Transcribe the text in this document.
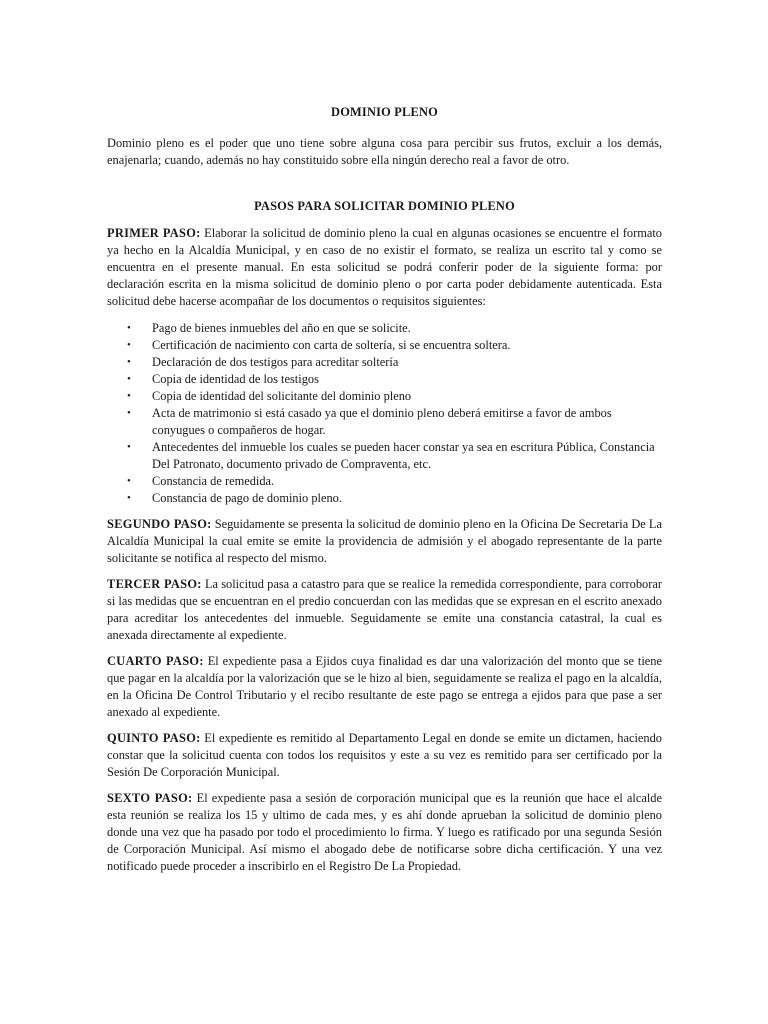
DOMINIO PLENO

Dominio pleno es el poder que uno tiene sobre alguna cosa para percibir sus frutos, excluir a los demás, enajenarla; cuando, además no hay constituido sobre ella ningún derecho real a favor de otro.

PASOS PARA SOLICITAR DOMINIO PLENO

PRIMER PASO: Elaborar la solicitud de dominio pleno la cual en algunas ocasiones se encuentre el formato ya hecho en la Alcaldía Municipal, y en caso de no existir el formato, se realiza un escrito tal y como se encuentra en el presente manual. En esta solicitud se podrá conferir poder de la siguiente forma: por declaración escrita en la misma solicitud de dominio pleno o por carta poder debidamente autenticada. Esta solicitud debe hacerse acompañar de los documentos o requisitos siguientes:

• Pago de bienes inmuebles del año en que se solicite.
• Certificación de nacimiento con carta de soltería, si se encuentra soltera.
• Declaración de dos testigos para acreditar soltería
• Copia de identidad de los testigos
• Copia de identidad del solicitante del dominio pleno
• Acta de matrimonio si está casado ya que el dominio pleno deberá emitirse a favor de ambos conyugues o compañeros de hogar.
• Antecedentes del inmueble los cuales se pueden hacer constar ya sea en escritura Pública, Constancia Del Patronato, documento privado de Compraventa, etc.
• Constancia de remedida.
• Constancia de pago de dominio pleno.

SEGUNDO PASO: Seguidamente se presenta la solicitud de dominio pleno en la Oficina De Secretaria De La Alcaldía Municipal la cual emite se emite la providencia de admisión y el abogado representante de la parte solicitante se notifica al respecto del mismo.

TERCER PASO: La solicitud pasa a catastro para que se realice la remedida correspondiente, para corroborar si las medidas que se encuentran en el predio concuerdan con las medidas que se expresan en el escrito anexado para acreditar los antecedentes del inmueble. Seguidamente se emite una constancia catastral, la cual es anexada directamente al expediente.

CUARTO PASO: El expediente pasa a Ejidos cuya finalidad es dar una valorización del monto que se tiene que pagar en la alcaldía por la valorización que se le hizo al bien, seguidamente se realiza el pago en la alcaldía, en la Oficina De Control Tributario y el recibo resultante de este pago se entrega a ejidos para que pase a ser anexado al expediente.

QUINTO PASO: El expediente es remitido al Departamento Legal en donde se emite un dictamen, haciendo constar que la solicitud cuenta con todos los requisitos y este a su vez es remitido para ser certificado por la Sesión De Corporación Municipal.

SEXTO PASO: El expediente pasa a sesión de corporación municipal que es la reunión que hace el alcalde esta reunión se realiza los 15 y ultimo de cada mes, y es ahí donde aprueban la solicitud de dominio pleno donde una vez que ha pasado por todo el procedimiento lo firma. Y luego es ratificado por una segunda Sesión de Corporación Municipal. Así mismo el abogado debe de notificarse sobre dicha certificación. Y una vez notificado puede proceder a inscribirlo en el Registro De La Propiedad.
